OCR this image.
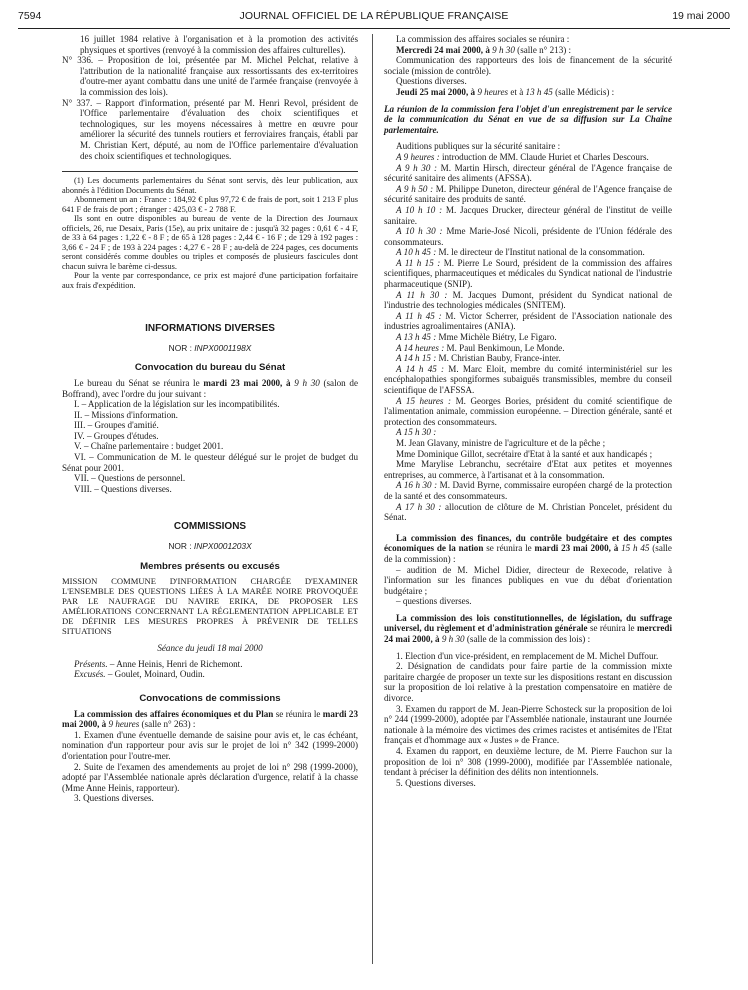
7594	JOURNAL OFFICIEL DE LA RÉPUBLIQUE FRANÇAISE	19 mai 2000

16 juillet 1984 relative à l'organisation et à la promotion des activités physiques et sportives (renvoyé à la commission des affaires culturelles).

N° 336. – Proposition de loi, présentée par M. Michel Pelchat, relative à l'attribution de la nationalité française aux ressortissants des ex-territoires d'outre-mer ayant combattu dans une unité de l'armée française (renvoyée à la commission des lois).

N° 337. – Rapport d'information, présenté par M. Henri Revol, président de l'Office parlementaire d'évaluation des choix scientifiques et technologiques, sur les moyens nécessaires à mettre en œuvre pour améliorer la sécurité des tunnels routiers et ferroviaires français, établi par M. Christian Kert, député, au nom de l'Office parlementaire d'évaluation des choix scientifiques et technologiques.

(1) Les documents parlementaires du Sénat sont servis, dès leur publication, aux abonnés à l'édition Documents du Sénat.

Abonnement un an : France : 184,92 € plus 97,72 € de frais de port, soit 1 213 F plus 641 F de frais de port ; étranger : 425,03 € - 2 788 F.

Ils sont en outre disponibles au bureau de vente de la Direction des Journaux officiels, 26, rue Desaix, Paris (15e), au prix unitaire de : jusqu'à 32 pages : 0,61 € - 4 F, de 33 à 64 pages : 1,22 € - 8 F ; de 65 à 128 pages : 2,44 € - 16 F ; de 129 à 192 pages : 3,66 € - 24 F ; de 193 à 224 pages : 4,27 € - 28 F ; au-delà de 224 pages, ces documents seront considérés comme doubles ou triples et composés de plusieurs fascicules dont chacun suivra le barème ci-dessus.

Pour la vente par correspondance, ce prix est majoré d'une participation forfaitaire aux frais d'expédition.

INFORMATIONS DIVERSES
NOR : INPX0001198X
Convocation du bureau du Sénat

Le bureau du Sénat se réunira le mardi 23 mai 2000, à 9 h 30 (salon de Boffrand), avec l'ordre du jour suivant :

I. – Application de la législation sur les incompatibilités.

II. – Missions d'information.

III. – Groupes d'amitié.

IV. – Groupes d'études.

V. – Chaîne parlementaire : budget 2001.

VI. – Communication de M. le questeur délégué sur le projet de budget du Sénat pour 2001.

VII. – Questions de personnel.

VIII. – Questions diverses.

COMMISSIONS
NOR : INPX0001203X
Membres présents ou excusés

MISSION COMMUNE D'INFORMATION CHARGÉE D'EXAMINER L'ENSEMBLE DES QUESTIONS LIÉES À LA MARÉE NOIRE PROVOQUÉE PAR LE NAUFRAGE DU NAVIRE ERIKA, DE PROPOSER LES AMÉLIORATIONS CONCERNANT LA RÉGLEMENTATION APPLICABLE ET DE DÉFINIR LES MESURES PROPRES À PRÉVENIR DE TELLES SITUATIONS

Séance du jeudi 18 mai 2000

Présents. – Anne Heinis, Henri de Richemont.

Excusés. – Goulet, Moinard, Oudin.

Convocations de commissions

La commission des affaires économiques et du Plan se réunira le mardi 23 mai 2000, à 9 heures (salle n° 263) :

1. Examen d'une éventuelle demande de saisine pour avis et, le cas échéant, nomination d'un rapporteur pour avis sur le projet de loi n° 342 (1999-2000) d'orientation pour l'outre-mer.

2. Suite de l'examen des amendements au projet de loi n° 298 (1999-2000), adopté par l'Assemblée nationale après déclaration d'urgence, relatif à la chasse (Mme Anne Heinis, rapporteur).

3. Questions diverses.

La commission des affaires sociales se réunira :

Mercredi 24 mai 2000, à 9 h 30 (salle n° 213) :

Communication des rapporteurs des lois de financement de la sécurité sociale (mission de contrôle).

Questions diverses.

Jeudi 25 mai 2000, à 9 heures et à 13 h 45 (salle Médicis) :

La réunion de la commission fera l'objet d'un enregistrement par le service de la communication du Sénat en vue de sa diffusion sur La Chaîne parlementaire.

Auditions publiques sur la sécurité sanitaire :

A 9 heures : introduction de MM. Claude Huriet et Charles Descours.

A 9 h 30 : M. Martin Hirsch, directeur général de l'Agence française de sécurité sanitaire des aliments (AFSSA).

A 9 h 50 : M. Philippe Duneton, directeur général de l'Agence française de sécurité sanitaire des produits de santé.

A 10 h 10 : M. Jacques Drucker, directeur général de l'institut de veille sanitaire.

A 10 h 30 : Mme Marie-José Nicoli, présidente de l'Union fédérale des consommateurs.

A 10 h 45 : M. le directeur de l'Institut national de la consommation.

A 11 h 15 : M. Pierre Le Sourd, président de la commission des affaires scientifiques, pharmaceutiques et médicales du Syndicat national de l'industrie pharmaceutique (SNIP).

A 11 h 30 : M. Jacques Dumont, président du Syndicat national de l'industrie des technologies médicales (SNITEM).

A 11 h 45 : M. Victor Scherrer, président de l'Association nationale des industries agroalimentaires (ANIA).

A 13 h 45 : Mme Michèle Biétry, Le Figaro.

A 14 heures : M. Paul Benkimoun, Le Monde.

A 14 h 15 : M. Christian Bauby, France-inter.

A 14 h 45 : M. Marc Eloit, membre du comité interministériel sur les encéphalopathies spongiformes subaiguës transmissibles, membre du conseil scientifique de l'AFSSA.

A 15 heures : M. Georges Bories, président du comité scientifique de l'alimentation animale, commission européenne. – Direction générale, santé et protection des consommateurs.

A 15 h 30 :

M. Jean Glavany, ministre de l'agriculture et de la pêche ;

Mme Dominique Gillot, secrétaire d'Etat à la santé et aux handicapés ;

Mme Marylise Lebranchu, secrétaire d'Etat aux petites et moyennes entreprises, au commerce, à l'artisanat et à la consommation.

A 16 h 30 : M. David Byrne, commissaire européen chargé de la protection de la santé et des consommateurs.

A 17 h 30 : allocution de clôture de M. Christian Poncelet, président du Sénat.

La commission des finances, du contrôle budgétaire et des comptes économiques de la nation se réunira le mardi 23 mai 2000, à 15 h 45 (salle de la commission) :

– audition de M. Michel Didier, directeur de Rexecode, relative à l'information sur les finances publiques en vue du débat d'orientation budgétaire ;

– questions diverses.

La commission des lois constitutionnelles, de législation, du suffrage universel, du règlement et d'administration générale se réunira le mercredi 24 mai 2000, à 9 h 30 (salle de la commission des lois) :

1. Election d'un vice-président, en remplacement de M. Michel Duffour.

2. Désignation de candidats pour faire partie de la commission mixte paritaire chargée de proposer un texte sur les dispositions restant en discussion sur la proposition de loi relative à la prestation compensatoire en matière de divorce.

3. Examen du rapport de M. Jean-Pierre Schosteck sur la proposition de loi n° 244 (1999-2000), adoptée par l'Assemblée nationale, instaurant une Journée nationale à la mémoire des victimes des crimes racistes et antisémites de l'Etat français et d'hommage aux « Justes » de France.

4. Examen du rapport, en deuxième lecture, de M. Pierre Fauchon sur la proposition de loi n° 308 (1999-2000), modifiée par l'Assemblée nationale, tendant à préciser la définition des délits non intentionnels.

5. Questions diverses.
